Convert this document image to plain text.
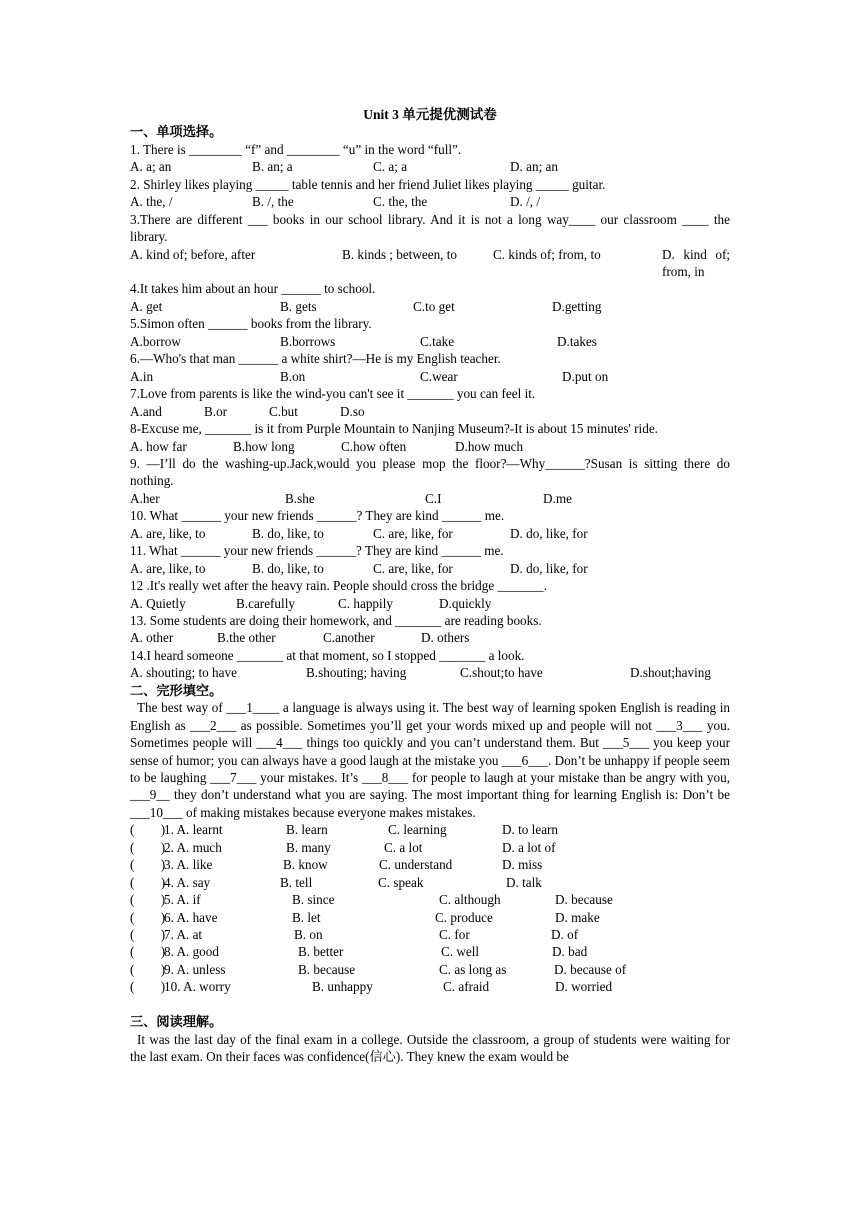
Unit 3 单元提优测试卷
一、单项选择。
1. There is ________ “f” and ________ “u” in the word “full”.
A. a; an	B. an; a	C. a; a	D. an; an
2. Shirley likes playing _____ table tennis and her friend Juliet likes playing _____ guitar.
A. the, /	B. /, the	C. the, the	D. /, /
3.There are different ___ books in our school library. And it is not a long way____ our classroom ____ the library.
A. kind of; before, after	B. kinds ; between, to	C. kinds of; from, to	D. kind of; from, in
4.It takes him about an hour ______ to school.
A. get	B. gets	C.to get	D.getting
5.Simon often ______ books from the library.
A.borrow	B.borrows	C.take	D.takes
6.—Who's that man ______ a white shirt?—He is my English teacher.
A.in	B.on	C.wear	D.put on
7.Love from parents is like the wind-you can't see it _______ you can feel it.
A.and	B.or	C.but	D.so
8-Excuse me, _______ is it from Purple Mountain to Nanjing Museum?-It is about 15 minutes' ride.
A. how far	B.how long	C.how often	D.how much
9. —I’ll do the washing-up.Jack,would you please mop the floor?—Why______?Susan is sitting there do nothing.
A.her	B.she	C.I	D.me
10. What ______ your new friends ______? They are kind ______ me.
A. are, like, to	B. do, like, to	C. are, like, for	D. do, like, for
11. What ______ your new friends ______? They are kind ______ me.
A. are, like, to	B. do, like, to	C. are, like, for	D. do, like, for
12 .It's really wet after the heavy rain. People should cross the bridge _______.
A. Quietly	B.carefully	C. happily	D.quickly
13. Some students are doing their homework, and _______ are reading books.
A. other	B.the other	C.another	D. others
14.I heard someone _______ at that moment, so I stopped _______ a look.
A. shouting; to have	B.shouting; having	C.shout;to have	D.shout;having
二、完形填空。
The best way of ___1____ a language is always using it. The best way of learning spoken English is reading in English as ___2___ as possible. Sometimes you’ll get your words mixed up and people will not ___3___ you. Sometimes people will ___4___ things too quickly and you can’t understand them. But ___5___ you keep your sense of humor; you can always have a good laugh at the mistake you ___6___. Don’t be unhappy if people seem to be laughing ___7___ your mistakes. It’s ___8___ for people to laugh at your mistake than be angry with you, ___9__ they don’t understand what you are saying. The most important thing for learning English is: Don’t be ___10___ of making mistakes because everyone makes mistakes.
(        )
1. A. learnt	B. learn	C. learning	D. to learn
(        )
2. A. much	B. many	C. a lot	D. a lot of
(        )
3. A. like	B. know	C. understand	D. miss
(        )
4. A. say	B. tell	C. speak	D. talk
(        )
5. A. if	B. since	C. although	D. because
(        )
6. A. have	B. let	C. produce	D. make
(        )
7. A. at	B. on	C. for	D. of
(        )
8. A. good	B. better	C. well	D. bad
(        )
9. A. unless	B. because	C. as long as	D. because of
(        )
10. A. worry	B. unhappy	C. afraid	D. worried
三、阅读理解。
It was the last day of the final exam in a college. Outside the classroom, a group of students were waiting for the last exam. On their faces was confidence(信心). They knew the exam would be
